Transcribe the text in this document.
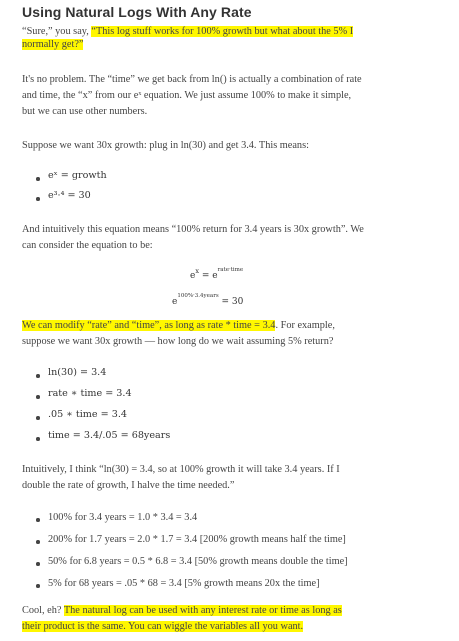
Using Natural Logs With Any Rate
“Sure,” you say, “This log stuff works for 100% growth but what about the 5% I
normally get?”
It's no problem. The “time” we get back from ln() is actually a combination of rate
and time, the “x” from our eˣ equation. We just assume 100% to make it simple,
but we can use other numbers.
Suppose we want 30x growth: plug in ln(30) and get 3.4. This means:
eˣ = growth
e³·⁴ = 30
And intuitively this equation means “100% return for 3.4 years is 30x growth”. We
can consider the equation to be:
$e^x = e^{rate\cdot time}$
$e^{100\%\cdot 3.4years} = 30$
We can modify “rate” and “time”, as long as rate * time = 3.4. For example,
suppose we want 30x growth — how long do we wait assuming 5% return?
ln(30) = 3.4
rate ∗ time = 3.4
.05 ∗ time = 3.4
time = 3.4/.05 = 68years
Intuitively, I think “ln(30) = 3.4, so at 100% growth it will take 3.4 years. If I
double the rate of growth, I halve the time needed.”
100% for 3.4 years = 1.0 * 3.4 = 3.4
200% for 1.7 years = 2.0 * 1.7 = 3.4 [200% growth means half the time]
50% for 6.8 years = 0.5 * 6.8 = 3.4 [50% growth means double the time]
5% for 68 years = .05 * 68 = 3.4 [5% growth means 20x the time]
Cool, eh? The natural log can be used with any interest rate or time as long as
their product is the same. You can wiggle the variables all you want.
